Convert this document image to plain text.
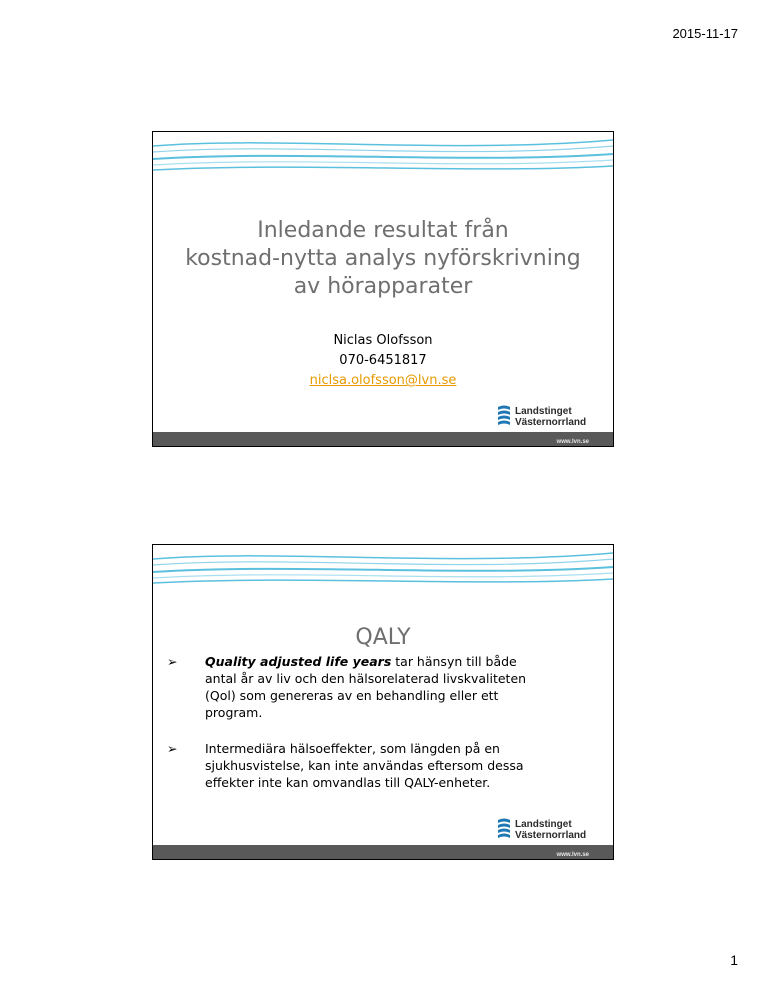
2015-11-17
Inledande resultat från
kostnad-nytta analys nyförskrivning
av hörapparater
Niclas Olofsson
070-6451817
niclsa.olofsson@lvn.se
Landstinget
Västernorrland
www.lvn.se
QALY
➢ Quality adjusted life years tar hänsyn till både
antal år av liv och den hälsorelaterad livskvaliteten
(Qol) som genereras av en behandling eller ett
program.
➢ Intermediära hälsoeffekter, som längden på en
sjukhusvistelse, kan inte användas eftersom dessa
effekter inte kan omvandlas till QALY-enheter.
Landstinget
Västernorrland
www.lvn.se
1
